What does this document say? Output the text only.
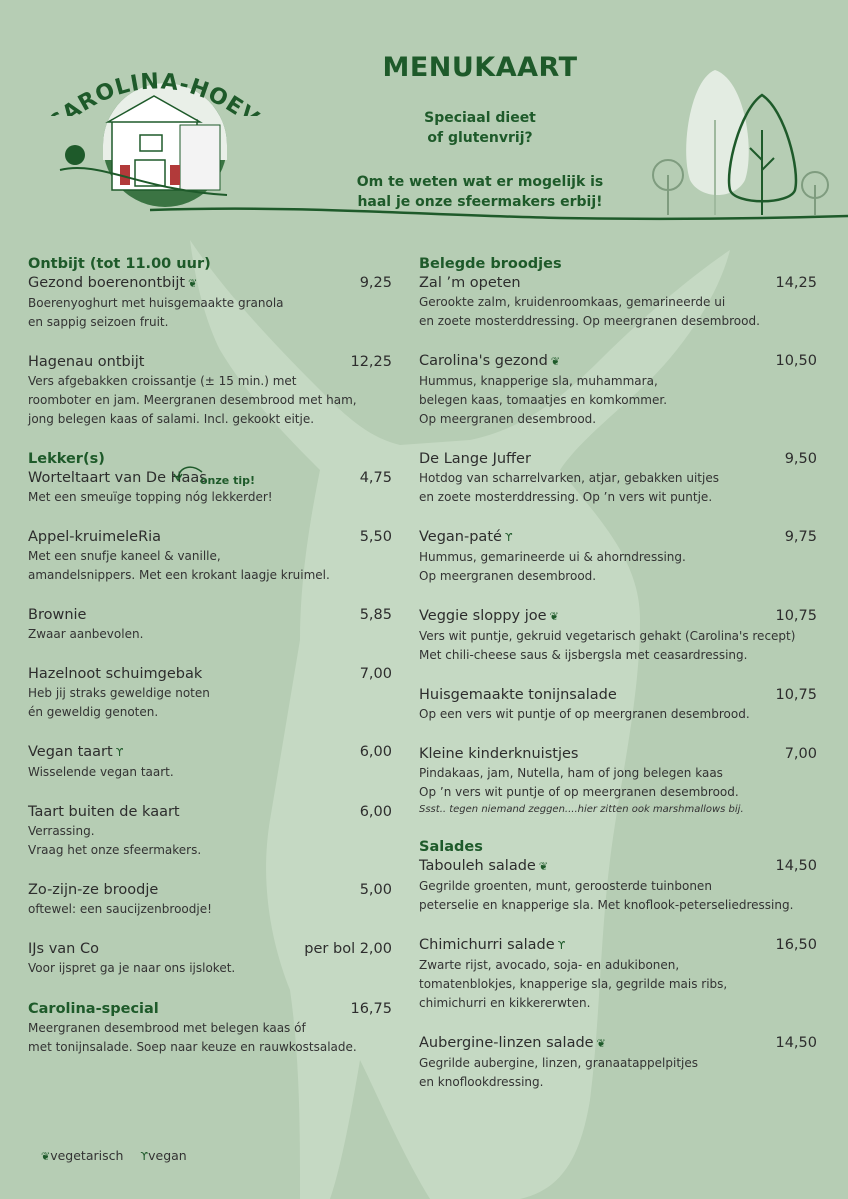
AROLINA-HOE
MENUKAART
Speciaal dieet
of glutenvrij?
Om te weten wat er mogelijk is
haal je onze sfeermakers erbij!
Ontbijt (tot 11.00 uur)
Gezond boerenontbijt ❦	9,25
Boerenyoghurt met huisgemaakte granola
en sappig seizoen fruit.
Hagenau ontbijt	12,25
Vers afgebakken croissantje (± 15 min.) met
roomboter en jam. Meergranen desembrood met ham,
jong belegen kaas of salami. Incl. gekookt eitje.
Lekker(s)
Worteltaart van De Haas	4,75
Met een smeuïge topping nóg lekkerder!
Appel-kruimeleRia	5,50
Met een snufje kaneel & vanille,
amandelsnippers. Met een krokant laagje kruimel.
Brownie	5,85
Zwaar aanbevolen.
Hazelnoot schuimgebak	7,00
Heb jij straks geweldige noten
én geweldig genoten.
Vegan taart ϒ	6,00
Wisselende vegan taart.
Taart buiten de kaart	6,00
Verrassing.
Vraag het onze sfeermakers.
Zo-zijn-ze broodje	5,00
oftewel: een saucijzenbroodje!
IJs van Co	per bol 2,00
Voor ijspret ga je naar ons ijsloket.
Carolina-special	16,75
Meergranen desembrood met belegen kaas óf
met tonijnsalade. Soep naar keuze en rauwkostsalade.
onze tip!
Belegde broodjes
Zal ’m opeten	14,25
Gerookte zalm, kruidenroomkaas, gemarineerde ui
en zoete mosterddressing. Op meergranen desembrood.
Carolina's gezond ❦	10,50
Hummus, knapperige sla, muhammara,
belegen kaas, tomaatjes en komkommer.
Op meergranen desembrood.
De Lange Juffer	9,50
Hotdog van scharrelvarken, atjar, gebakken uitjes
en zoete mosterddressing. Op ’n vers wit puntje.
Vegan-paté ϒ	9,75
Hummus, gemarineerde ui & ahorndressing.
Op meergranen desembrood.
Veggie sloppy joe ❦	10,75
Vers wit puntje, gekruid vegetarisch gehakt (Carolina's recept)
Met chili-cheese saus & ijsbergsla met ceasardressing.
Huisgemaakte tonijnsalade	10,75
Op een vers wit puntje of op meergranen desembrood.
Kleine kinderknuistjes	7,00
Pindakaas, jam, Nutella, ham of jong belegen kaas
Op ’n vers wit puntje of op meergranen desembrood.
Ssst.. tegen niemand zeggen....hier zitten ook marshmallows bij.
Salades
Tabouleh salade ❦	14,50
Gegrilde groenten, munt, geroosterde tuinbonen
peterselie en knapperige sla. Met knoflook-peterseliedressing.
Chimichurri salade ϒ	16,50
Zwarte rijst, avocado, soja- en adukibonen,
tomatenblokjes, knapperige sla, gegrilde mais ribs,
chimichurri en kikkererwten.
Aubergine-linzen salade ❦	14,50
Gegrilde aubergine, linzen, granaatappelpitjes
en knoflookdressing.
❦vegetarisch ϒvegan
